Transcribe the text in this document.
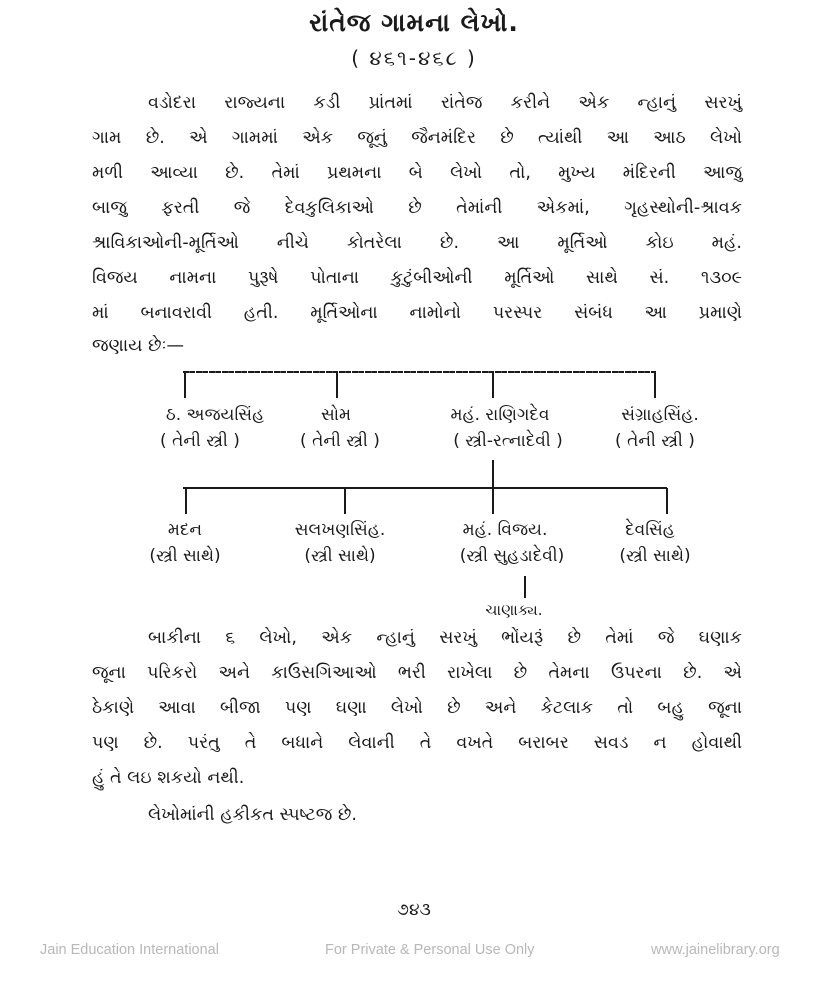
રાંતેજ ગામના લેખો.
( ૪૬૧-૪૬૮ )
વડોદરા રાજ્યના કડી પ્રાંતમાં રાંતેજ કરીને એક ન્હાનું સરખું
ગામ છે. એ ગામમાં એક જૂનું જૈનમંદિર છે ત્યાંથી આ આઠ લેખો
મળી આવ્યા છે. તેમાં પ્રથમના બે લેખો તો, મુખ્ય મંદિરની આજુ
બાજુ ફરતી જે દેવકુલિકાઓ છે તેમાંની એકમાં, ગૃહસ્થોની-શ્રાવક
શ્રાવિકાઓની-મૂર્તિઓ નીચે કોતરેલા છે. આ મૂર્તિઓ કોઇ મહં.
વિજય નામના પુરૂષે પોતાના કુટુંબીઓની મૂર્તિઓ સાથે સં. ૧૩૦૯
માં બનાવરાવી હતી. મૂર્તિઓના નામોનો પરસ્પર સંબંધ આ પ્રમાણે
જણાય છેઃ—
ઠ. અજયસિંહ
( તેની સ્ત્રી )
સોમ
( તેની સ્ત્રી )
મહં. રાણિગદેવ
( સ્ત્રી-રત્નાદેવી )
સંગ્રાહસિંહ.
( તેની સ્ત્રી )
મદન
(સ્ત્રી સાથે)
સલખણસિંહ.
(સ્ત્રી સાથે)
મહં. વિજય.
(સ્ત્રી સુહડાદેવી)
દેવસિંહ
(સ્ત્રી સાથે)
ચાણાક્ય.
બાકીના ૬ લેખો, એક ન્હાનું સરખું ભોંયરૂં છે તેમાં જે ઘણાક
જૂના પરિકરો અને કાઉસગિઆઓ ભરી રાખેલા છે તેમના ઉપરના છે. એ
ઠેકાણે આવા બીજા પણ ઘણા લેખો છે અને કેટલાક તો બહુ જૂના
પણ છે. પરંતુ તે બધાને લેવાની તે વખતે બરાબર સવડ ન હોવાથી
હું તે લઇ શકયો નથી.
લેખોમાંની હકીકત સ્પષ્ટજ છે.
૭૪૩
Jain Education International	For Private & Personal Use Only	www.jainelibrary.org
